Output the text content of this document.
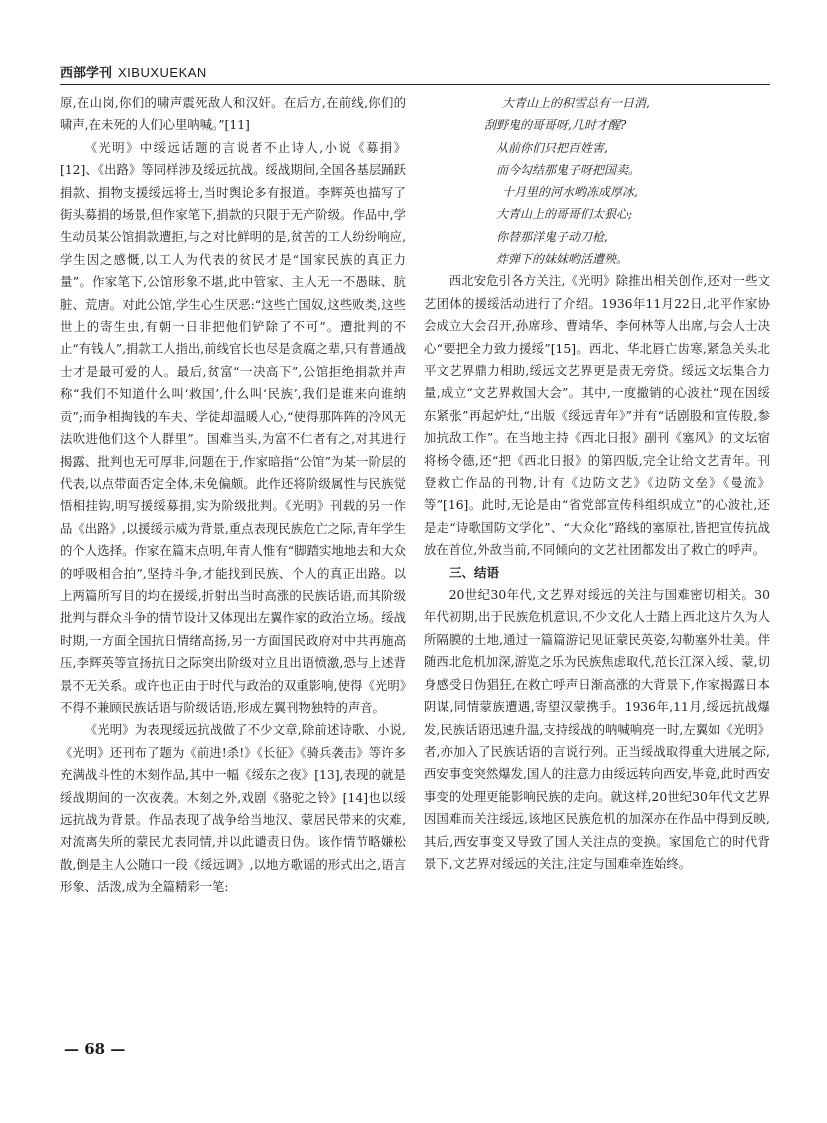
西部学刊 XIBUXUEKAN

原,在山岗,你们的啸声震死敌人和汉奸。在后方,在前线,你们的啸声,在未死的人们心里呐喊。”[11]

《光明》中绥远话题的言说者不止诗人,小说《募捐》[12]、《出路》等同样涉及绥远抗战。绥战期间,全国各基层踊跃捐款、捐物支援绥远将士,当时舆论多有报道。李辉英也描写了街头募捐的场景,但作家笔下,捐款的只限于无产阶级。作品中,学生动员某公馆捐款遭拒,与之对比鲜明的是,贫苦的工人纷纷响应,学生因之感慨,以工人为代表的贫民才是“国家民族的真正力量”。作家笔下,公馆形象不堪,此中管家、主人无一不愚昧、肮脏、荒唐。对此公馆,学生心生厌恶:“这些亡国奴,这些败类,这些世上的寄生虫,有朝一日非把他们铲除了不可”。遭批判的不止“有钱人”,捐款工人指出,前线官长也尽是贪腐之辈,只有普通战士才是最可爱的人。最后,贫富“一决高下”,公馆拒绝捐款并声称“我们不知道什么叫‘救国’,什么叫‘民族’,我们是谁来向谁纳贡”;而争相掏钱的车夫、学徒却温暖人心,“使得那阵阵的冷风无法吹进他们这个人群里”。国难当头,为富不仁者有之,对其进行揭露、批判也无可厚非,问题在于,作家暗指“公馆”为某一阶层的代表,以点带面否定全体,未免偏颇。此作还将阶级属性与民族觉悟相挂钩,明写援绥募捐,实为阶级批判。《光明》刊载的另一作品《出路》,以援绥示威为背景,重点表现民族危亡之际,青年学生的个人选择。作家在篇末点明,年青人惟有“脚踏实地地去和大众的呼吸相合拍”,坚持斗争,才能找到民族、个人的真正出路。以上两篇所写目的均在援绥,折射出当时高涨的民族话语,而其阶级批判与群众斗争的情节设计又体现出左翼作家的政治立场。绥战时期,一方面全国抗日情绪高扬,另一方面国民政府对中共再施高压,李辉英等宣扬抗日之际突出阶级对立且出语愤激,恐与上述背景不无关系。或许也正由于时代与政治的双重影响,使得《光明》不得不兼顾民族话语与阶级话语,形成左翼刊物独特的声音。

《光明》为表现绥远抗战做了不少文章,除前述诗歌、小说,《光明》还刊布了题为《前进!杀!》《长征》《骑兵袭击》等许多充满战斗性的木刻作品,其中一幅《绥东之夜》[13],表现的就是绥战期间的一次夜袭。木刻之外,戏剧《骆驼之铃》[14]也以绥远抗战为背景。作品表现了战争给当地汉、蒙居民带来的灾难,对流离失所的蒙民尤表同情,并以此谴责日伪。该作情节略嫌松散,倒是主人公随口一段《绥远调》,以地方歌谣的形式出之,语言形象、活泼,成为全篇精彩一笔:

大青山上的积雪总有一日消,
刮野鬼的哥哥呀,几时才醒?
从前你们只把百姓害,
而今勾结那鬼子呀把国卖。
十月里的河水哟冻成厚冰,
大青山上的哥哥们太狠心;
你替那洋鬼子动刀枪,
炸弹下的妹妹哟活遭殃。

西北安危引各方关注,《光明》除推出相关创作,还对一些文艺团体的援绥活动进行了介绍。1936年11月22日,北平作家协会成立大会召开,孙席珍、曹靖华、李何林等人出席,与会人士决心“要把全力致力援绥”[15]。西北、华北唇亡齿寒,紧急关头北平文艺界鼎力相助,绥远文艺界更是责无旁贷。绥远文坛集合力量,成立“文艺界救国大会”。其中,一度撤销的心波社“现在因绥东紧张”再起炉灶,“出版《绥远青年》”并有“话剧股和宣传股,参加抗敌工作”。在当地主持《西北日报》副刊《塞风》的文坛宿将杨令德,还“把《西北日报》的第四版,完全让给文艺青年。刊登救亡作品的刊物,计有《边防文艺》《边防文垒》《曼流》等”[16]。此时,无论是由“省党部宣传科组织成立”的心波社,还是走“诗歌国防文学化”、“大众化”路线的塞原社,皆把宣传抗战放在首位,外敌当前,不同倾向的文艺社团都发出了救亡的呼声。

三、结语

20世纪30年代,文艺界对绥远的关注与国难密切相关。30年代初期,出于民族危机意识,不少文化人士踏上西北这片久为人所隔膜的土地,通过一篇篇游记见证蒙民英姿,勾勒塞外壮美。伴随西北危机加深,游览之乐为民族焦虑取代,范长江深入绥、蒙,切身感受日伪猖狂,在救亡呼声日渐高涨的大背景下,作家揭露日本阴谋,同情蒙族遭遇,寄望汉蒙携手。1936年,11月,绥远抗战爆发,民族话语迅速升温,支持绥战的呐喊响亮一时,左翼如《光明》者,亦加入了民族话语的言说行列。正当绥战取得重大进展之际,西安事变突然爆发,国人的注意力由绥远转向西安,毕竟,此时西安事变的处理更能影响民族的走向。就这样,20世纪30年代文艺界因国难而关注绥远,该地区民族危机的加深亦在作品中得到反映,其后,西安事变又导致了国人关注点的变换。家国危亡的时代背景下,文艺界对绥远的关注,注定与国难牵连始终。

— 68 —
